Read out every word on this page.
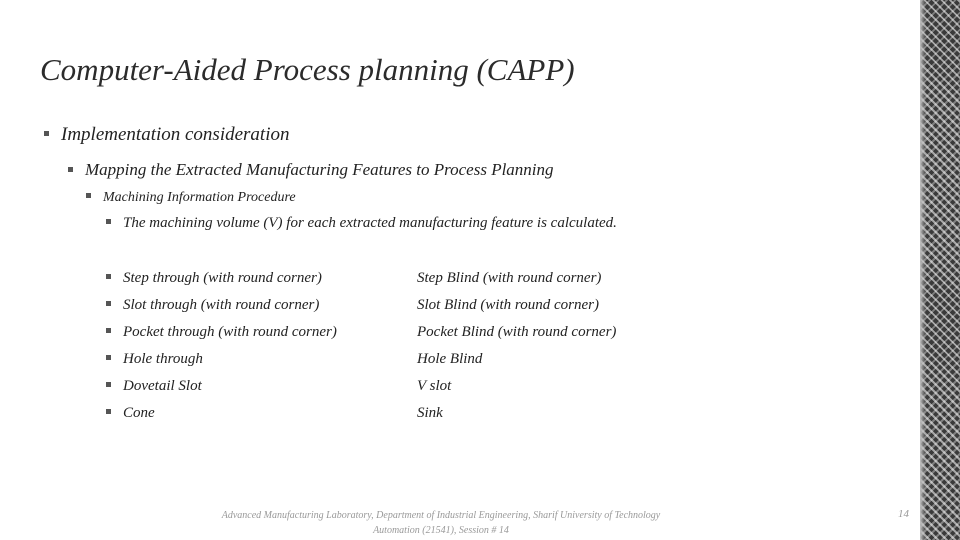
Computer-Aided Process planning (CAPP)
Implementation consideration
Mapping the Extracted Manufacturing Features to Process Planning
Machining Information Procedure
The machining volume (V) for each extracted manufacturing feature is calculated.
Step through (with round corner)	Step Blind (with round corner)
Slot through (with round corner)	Slot Blind (with round corner)
Pocket through (with round corner)	Pocket Blind (with round corner)
Hole through	Hole Blind
Dovetail Slot	V slot
Cone	Sink
Advanced Manufacturing Laboratory, Department of Industrial Engineering, Sharif University of Technology
Automation (21541), Session # 14
14
